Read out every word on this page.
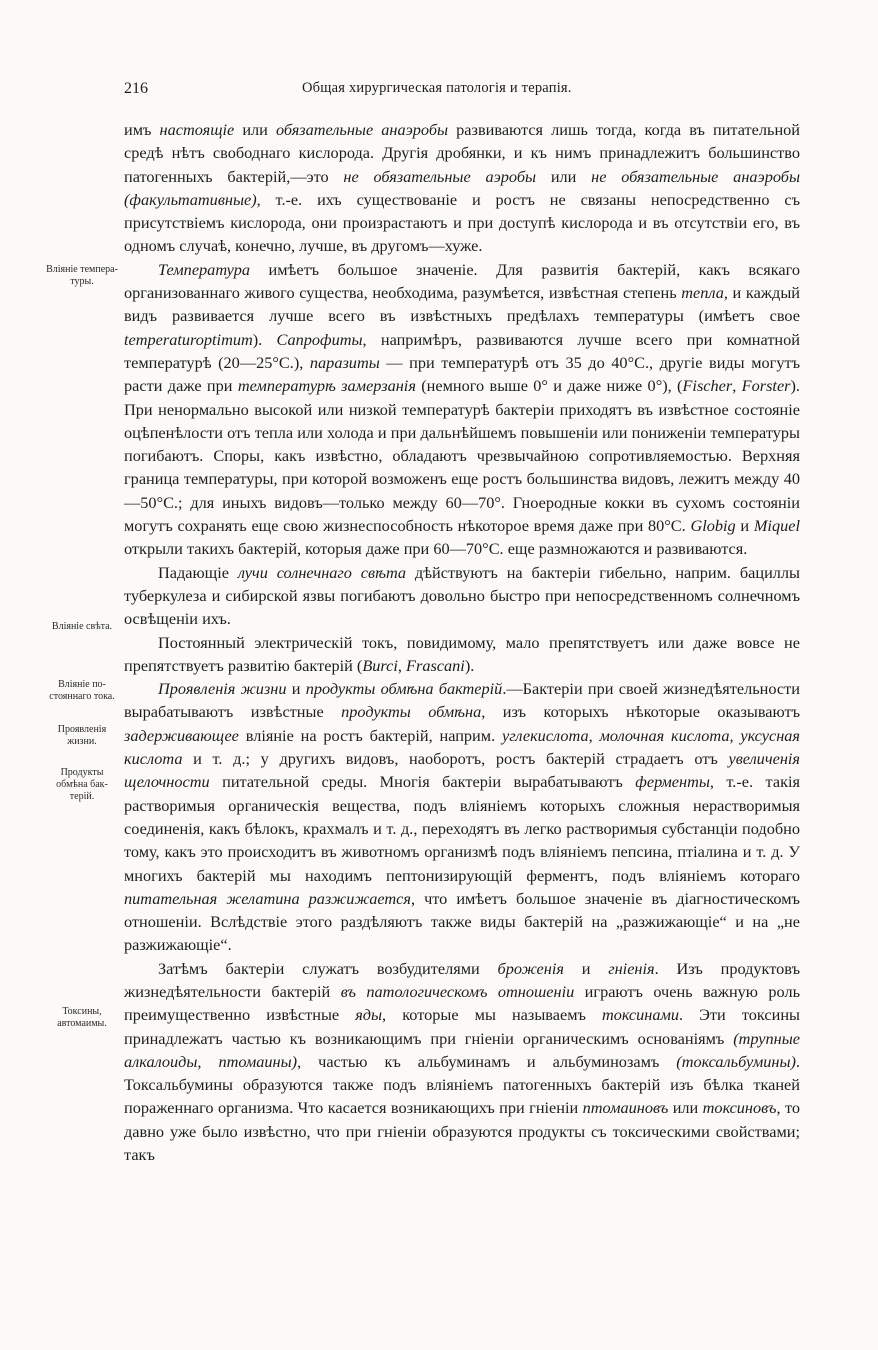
216	Общая хирургическая патологія и терапія.
Вліяніе темпера- туры.
Вліяніе свѣта.
Вліяніе по- стояннаго тока.
Проявленія жизни.
Продукты обмѣна бак- терій.
Токсины, автомаимы.

имъ настоящіе или обязательные анаэробы развиваются лишь тогда, когда въ питательной средѣ нѣтъ свободнаго кислорода. Другія дробянки, и къ нимъ принадлежитъ большинство патогенныхъ бактерій,—это не обязательные аэробы или не обязательные анаэробы (факультативные), т.-е. ихъ существованіе и ростъ не связаны непосредственно съ присутствіемъ кислорода, они произрастаютъ и при доступѣ кислорода и въ отсутствіи его, въ одномъ случаѣ, конечно, лучше, въ другомъ—хуже.

Температура имѣетъ большое значеніе. Для развитія бактерій, какъ всякаго организованнаго живого существа, необходима, разумѣется, извѣстная степень тепла, и каждый видъ развивается лучше всего въ извѣстныхъ предѣлахъ температуры (имѣетъ свое temperaturoptimum). Сапрофиты, напримѣръ, развиваются лучше всего при комнатной температурѣ (20—25°С.), паразиты — при температурѣ отъ 35 до 40°С., другіе виды могутъ расти даже при температурѣ замерзанія (немного выше 0° и даже ниже 0°), (Fischer, Forster). При ненормально высокой или низкой температурѣ бактеріи приходятъ въ извѣстное состояніе оцѣпенѣлости отъ тепла или холода и при дальнѣйшемъ повышеніи или пониженіи температуры погибаютъ. Споры, какъ извѣстно, обладаютъ чрезвычайною сопротивляемостью. Верхняя граница температуры, при которой возможенъ еще ростъ большинства видовъ, лежитъ между 40—50°С.; для иныхъ видовъ—только между 60—70°. Гноеродные кокки въ сухомъ состояніи могутъ сохранять еще свою жизнеспособность нѣкоторое время даже при 80°С. Globig и Miquel открыли такихъ бактерій, которыя даже при 60—70°С. еще размножаются и развиваются.

Падающіе лучи солнечнаго свѣта дѣйствуютъ на бактеріи гибельно, наприм. бациллы туберкулеза и сибирской язвы погибаютъ довольно быстро при непосредственномъ солнечномъ освѣщеніи ихъ.

Постоянный электрическій токъ, повидимому, мало препятствуетъ или даже вовсе не препятствуетъ развитію бактерій (Burci, Frascani).

Проявленія жизни и продукты обмѣна бактерій.—Бактеріи при своей жизнедѣятельности вырабатываютъ извѣстные продукты обмѣна, изъ которыхъ нѣкоторые оказываютъ задерживающее вліяніе на ростъ бактерій, наприм. углекислота, молочная кислота, уксусная кислота и т. д.; у другихъ видовъ, наоборотъ, ростъ бактерій страдаетъ отъ увеличенія щелочности питательной среды. Многія бактеріи вырабатываютъ ферменты, т.-е. такія растворимыя органическія вещества, подъ вліяніемъ которыхъ сложныя нерастворимыя соединенія, какъ бѣлокъ, крахмалъ и т. д., переходятъ въ легко растворимыя субстанціи подобно тому, какъ это происходитъ въ животномъ организмѣ подъ вліяніемъ пепсина, птіалина и т. д. У многихъ бактерій мы находимъ пептонизирующій ферментъ, подъ вліяніемъ котораго питательная желатина разжижается, что имѣетъ большое значеніе въ діагностическомъ отношеніи. Вслѣдствіе этого раздѣляютъ также виды бактерій на „разжижающіе“ и на „не разжижающіе“.

Затѣмъ бактеріи служатъ возбудителями броженія и гніенія. Изъ продуктовъ жизнедѣятельности бактерій въ патологическомъ отношеніи играютъ очень важную роль преимущественно извѣстные яды, которые мы называемъ токсинами. Эти токсины принадлежатъ частью къ возникающимъ при гніеніи органическимъ основаніямъ (трупные алкалоиды, птомаины), частью къ альбуминамъ и альбуминозамъ (токсальбумины). Токсальбумины образуются также подъ вліяніемъ патогенныхъ бактерій изъ бѣлка тканей пораженнаго организма. Что касается возникающихъ при гніеніи птомаиновъ или токсиновъ, то давно уже было извѣстно, что при гніеніи образуются продукты съ токсическими свойствами; такъ
